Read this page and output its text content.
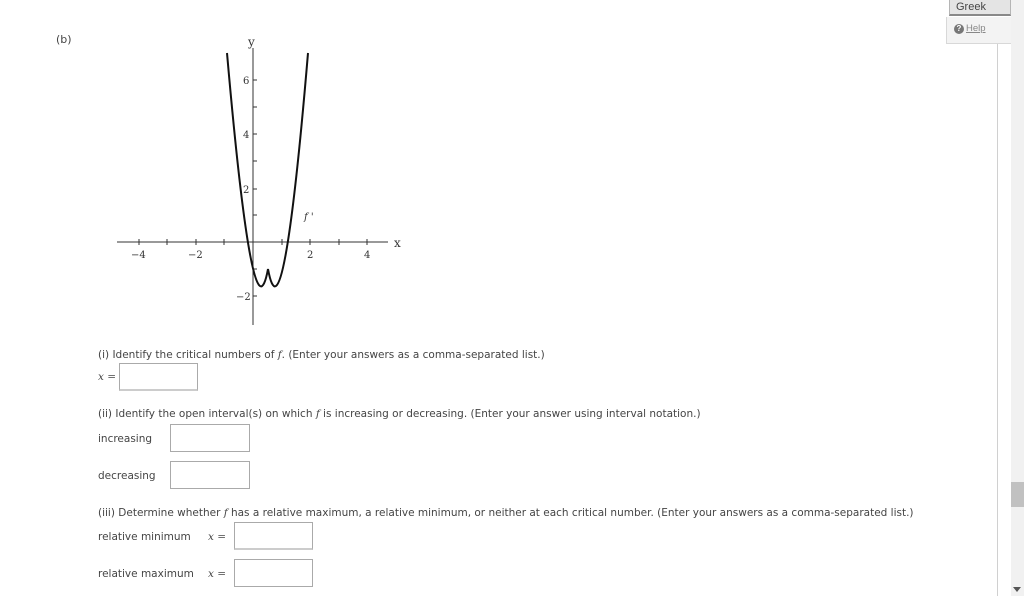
(b)
−4	−2	2	4
6
4
2
−2
y
x
f '
(i) Identify the critical numbers of f. (Enter your answers as a comma-separated list.)
x =
(ii) Identify the open interval(s) on which f is increasing or decreasing. (Enter your answer using interval notation.)
increasing
decreasing
(iii) Determine whether f has a relative maximum, a relative minimum, or neither at each critical number. (Enter your answers as a comma-separated list.)
relative minimum x =
relative maximum x =
Greek
? Help
